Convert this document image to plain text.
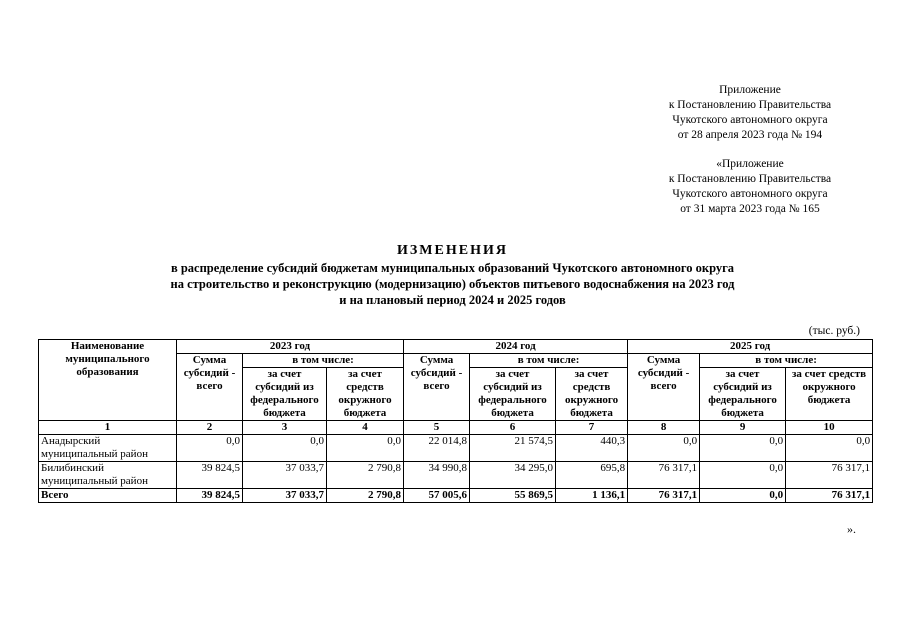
Приложение
к Постановлению Правительства
Чукотского автономного округа
от 28 апреля 2023 года № 194
«Приложение
к Постановлению Правительства
Чукотского автономного округа
от 31 марта 2023 года № 165
ИЗМЕНЕНИЯ
в распределение субсидий бюджетам муниципальных образований Чукотского автономного округа
на строительство и реконструкцию (модернизацию) объектов питьевого водоснабжения на 2023 год
и на плановый период 2024 и 2025 годов
(тыс. руб.)
Наименование муниципального образования	2023 год			2024 год			2025 год		
	Сумма субсидий - всего	в том числе:		Сумма субсидий - всего	в том числе:		Сумма субсидий - всего	в том числе:	
		за счет субсидий из федерального бюджета	за счет средств окружного бюджета		за счет субсидий из федерального бюджета	за счет средств окружного бюджета		за счет субсидий из федерального бюджета	за счет средств окружного бюджета
1	2	3	4	5	6	7	8	9	10
Анадырский муниципальный район	0,0	0,0	0,0	22 014,8	21 574,5	440,3	0,0	0,0	0,0
Билибинский муниципальный район	39 824,5	37 033,7	2 790,8	34 990,8	34 295,0	695,8	76 317,1	0,0	76 317,1
Всего	39 824,5	37 033,7	2 790,8	57 005,6	55 869,5	1 136,1	76 317,1	0,0	76 317,1
».
